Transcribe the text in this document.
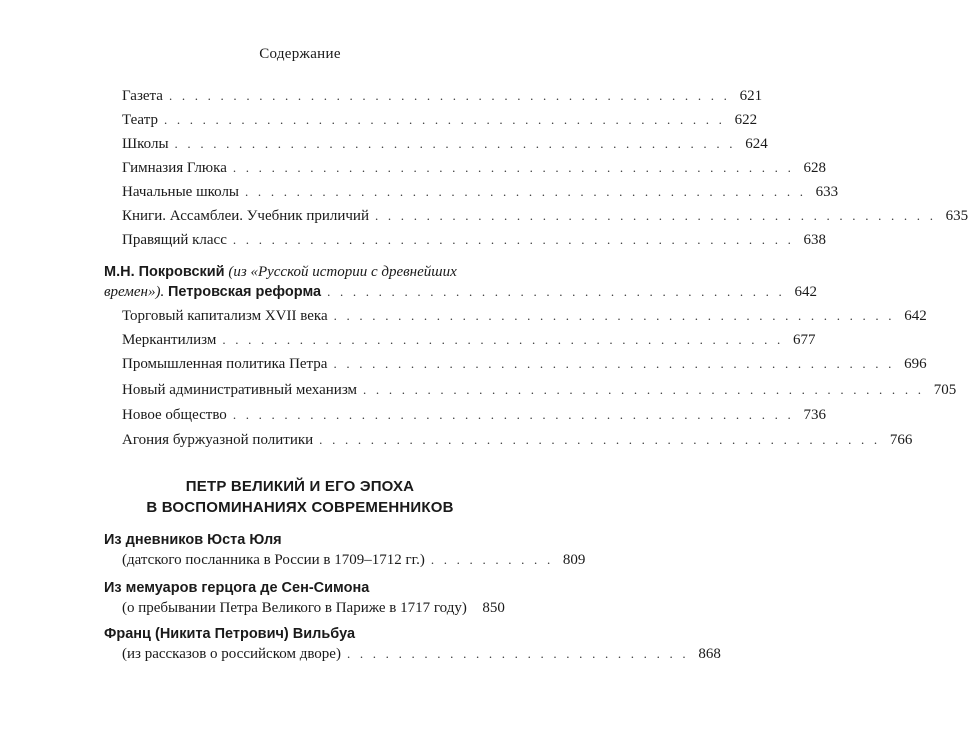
Содержание
Газета . . . . . . . . . . . . . . . . . . . . . . . . . . . . . . . . . . . . . . . . . . . . 621
Театр . . . . . . . . . . . . . . . . . . . . . . . . . . . . . . . . . . . . . . . . . . . . 622
Школы . . . . . . . . . . . . . . . . . . . . . . . . . . . . . . . . . . . . . . . . . . . . 624
Гимназия Глюка . . . . . . . . . . . . . . . . . . . . . . . . . . . . . . . . . . . . . . . . . . . . 628
Начальные школы . . . . . . . . . . . . . . . . . . . . . . . . . . . . . . . . . . . . . . . . . . . . 633
Книги. Ассамблеи. Учебник приличий . . . . . . . . . . . . . . . . . . . . . . . . . . . . . . . . . . . . . . . . . . . . 635
Правящий класс . . . . . . . . . . . . . . . . . . . . . . . . . . . . . . . . . . . . . . . . . . . . 638
М.Н. Покровский (из «Русской истории с древнейших
времен»). Петровская реформа . . . . . . . . . . . . . . . . . . . . . . . . . . . . . . . . . . . . 642
Торговый капитализм XVII века . . . . . . . . . . . . . . . . . . . . . . . . . . . . . . . . . . . . . . . . . . . . 642
Меркантилизм . . . . . . . . . . . . . . . . . . . . . . . . . . . . . . . . . . . . . . . . . . . . 677
Промышленная политика Петра . . . . . . . . . . . . . . . . . . . . . . . . . . . . . . . . . . . . . . . . . . . . 696
Новый административный механизм . . . . . . . . . . . . . . . . . . . . . . . . . . . . . . . . . . . . . . . . . . . . 705
Новое общество . . . . . . . . . . . . . . . . . . . . . . . . . . . . . . . . . . . . . . . . . . . . 736
Агония буржуазной политики . . . . . . . . . . . . . . . . . . . . . . . . . . . . . . . . . . . . . . . . . . . . 766
ПЕТР ВЕЛИКИЙ И ЕГО ЭПОХА
В ВОСПОМИНАНИЯХ СОВРЕМЕННИКОВ
Из дневников Юста Юля
(датского посланника в России в 1709–1712 гг.) . . . . . . . . . . 809
Из мемуаров герцога де Сен-Симона
(о пребывании Петра Великого в Париже в 1717 году) 850
Франц (Никита Петрович) Вильбуа
(из рассказов о российском дворе) . . . . . . . . . . . . . . . . . . . . . . . . . . . 868
